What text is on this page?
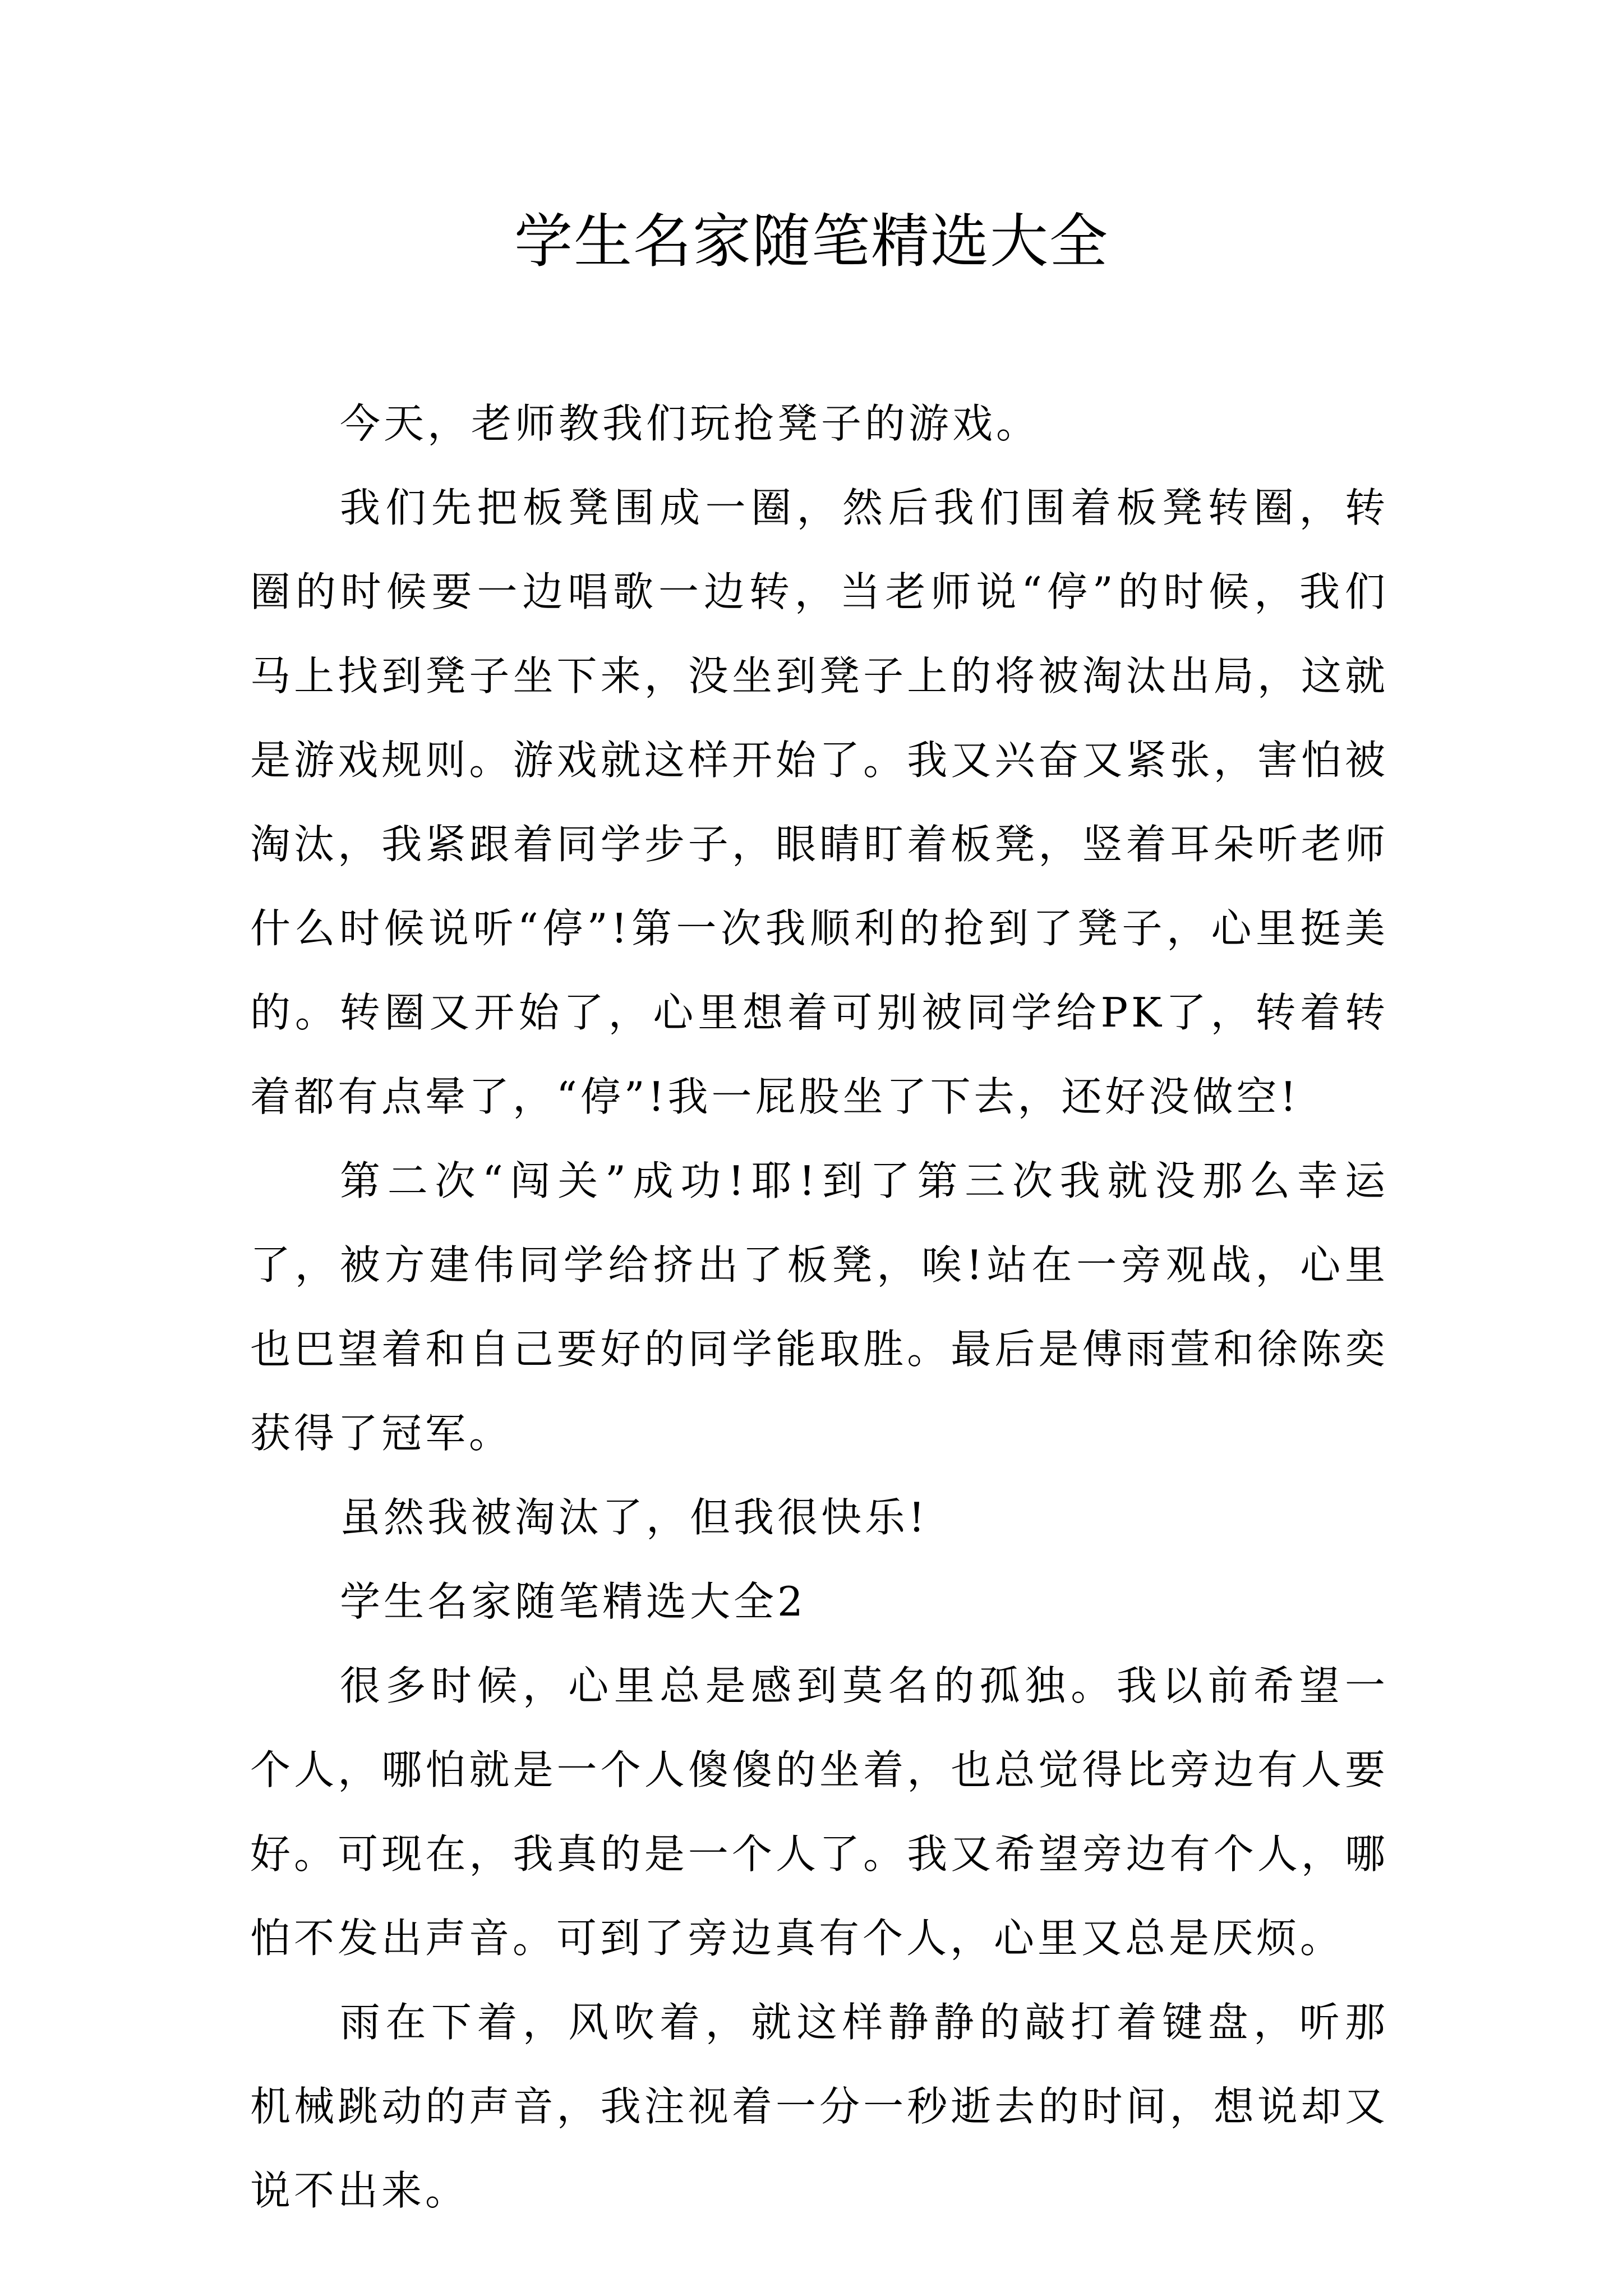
学生名家随笔精选大全

今天，老师教我们玩抢凳子的游戏。

我们先把板凳围成一圈，然后我们围着板凳转圈，转圈的时候要一边唱歌一边转，当老师说“停”的时候，我们马上找到凳子坐下来，没坐到凳子上的将被淘汰出局，这就是游戏规则。游戏就这样开始了。我又兴奋又紧张，害怕被淘汰，我紧跟着同学步子，眼睛盯着板凳，竖着耳朵听老师什么时候说听“停”!第一次我顺利的抢到了凳子，心里挺美的。转圈又开始了，心里想着可别被同学给PK了，转着转着都有点晕了，“停”!我一屁股坐了下去，还好没做空!

第二次“闯关”成功!耶!到了第三次我就没那么幸运了，被方建伟同学给挤出了板凳，唉!站在一旁观战，心里也巴望着和自己要好的同学能取胜。最后是傅雨萱和徐陈奕获得了冠军。

虽然我被淘汰了，但我很快乐!

学生名家随笔精选大全2

很多时候，心里总是感到莫名的孤独。我以前希望一个人，哪怕就是一个人傻傻的坐着，也总觉得比旁边有人要好。可现在，我真的是一个人了。我又希望旁边有个人，哪怕不发出声音。可到了旁边真有个人，心里又总是厌烦。

雨在下着，风吹着，就这样静静的敲打着键盘，听那机械跳动的声音，我注视着一分一秒逝去的时间，想说却又说不出来。
